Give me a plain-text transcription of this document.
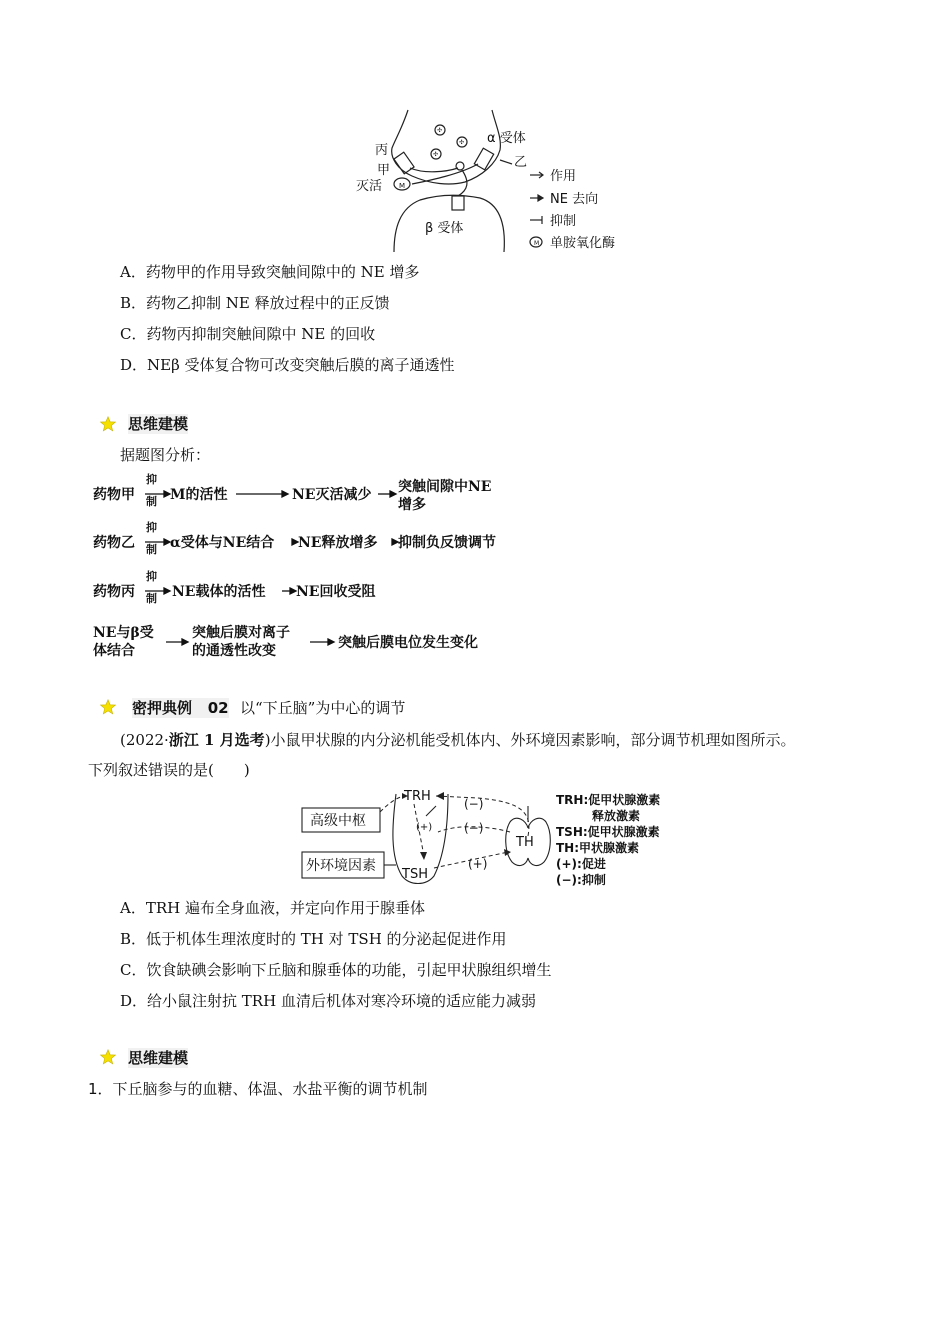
✣
✣
✣
丙
甲
灭活 M
α 受体
乙
β 受体
M
作用
NE 去向
抑制
单胺氧化酶
A．药物甲的作用导致突触间隙中的 NE 增多
B．药物乙抑制 NE 释放过程中的正反馈
C．药物丙抑制突触间隙中 NE 的回收
D．NEβ 受体复合物可改变突触后膜的离子通透性
思维建模
据题图分析：
药物甲
抑
制 M的活性	NE灭活减少 突触间隙中NE
增多
药物乙
抑
制 α受体与NE结合 NE释放增多 抑制负反馈调节
药物丙
抑
制 NE载体的活性 NE回收受阻
NE与β受
体结合
突触后膜对离子
的通透性改变	突触后膜电位发生变化
密押典例 02 以“下丘脑”为中心的调节
(2022·浙江 1 月选考)小鼠甲状腺的内分泌机能受机体内、外环境因素影响，部分调节机理如图所示。
下列叙述错误的是(　　)
高级中枢
外环境因素
TRH
TSH
TH
(−)
(−)
(+)
(+)
TRH:促甲状腺激素
释放激素
TSH:促甲状腺激素
TH:甲状腺激素
(+):促进
(−):抑制
A．TRH 遍布全身血液，并定向作用于腺垂体
B．低于机体生理浓度时的 TH 对 TSH 的分泌起促进作用
C．饮食缺碘会影响下丘脑和腺垂体的功能，引起甲状腺组织增生
D．给小鼠注射抗 TRH 血清后机体对寒冷环境的适应能力减弱
思维建模
1．下丘脑参与的血糖、体温、水盐平衡的调节机制
